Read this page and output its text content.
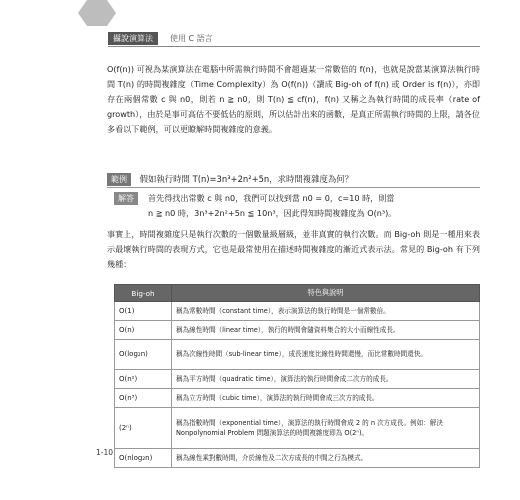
攝說演算法	使用 C 語言
O(f(n)) 可視為某演算法在電腦中所需執行時間不會超過某一常數倍的 f(n)，也就是說當某演算法執行時間 T(n) 的時間複雜度（Time Complexity）為 O(f(n))（讀成 Big-oh of f(n) 或 Order is f(n)），亦即存在兩個常數 c 與 n0，則若 n ≧ n0，則 T(n) ≦ cf(n)，f(n) 又稱之為執行時間的成長率（rate of growth），由於是事可高估不要低估的原則，所以估計出來的函數，是真正所需執行時間的上限，請各位多看以下範例，可以更瞭解時間複雜度的意義。
範例 假如執行時間 T(n)=3n³+2n²+5n，求時間複雜度為何？
解答	首先得找出常數 c 與 n0，我們可以找到當 n0 = 0，c=10 時，則當
n ≧ n0 時，3n³+2n²+5n ≦ 10n³，因此得知時間複雜度為 O(n³)。
事實上，時間複雜度只是執行次數的一個數量級層級，並非真實的執行次數。而 Big-oh 則是一種用來表示最壞執行時間的表現方式，它也是最常使用在描述時間複雜度的漸近式表示法。常見的 Big-oh 有下列幾種：
Big-oh	特色與說明
O(1)	稱為常數時間（constant time），表示演算法的執行時間是一個常數倍。
O(n)	稱為線性時間（linear time），執行的時間會隨資料集合的大小而線性成長。
O(log₂n)	稱為次線性時間（sub-linear time），成長速度比線性時間還慢，而比常數時間還快。
O(n²)	稱為平方時間（quadratic time），演算法的執行時間會成二次方的成長。
O(n³)	稱為立方時間（cubic time），演算法的執行時間會成三次方的成長。
(2ⁿ)	稱為指數時間（exponential time），演算法的執行時間會成 2 的 n 次方成長。例如：解決 Nonpolynomial Problem 問題演算法的時間複雜度即為 O(2ⁿ)。
O(nlog₂n)	稱為線性乘對數時間，介於線性及二次方成長的中間之行為模式。
1-10
